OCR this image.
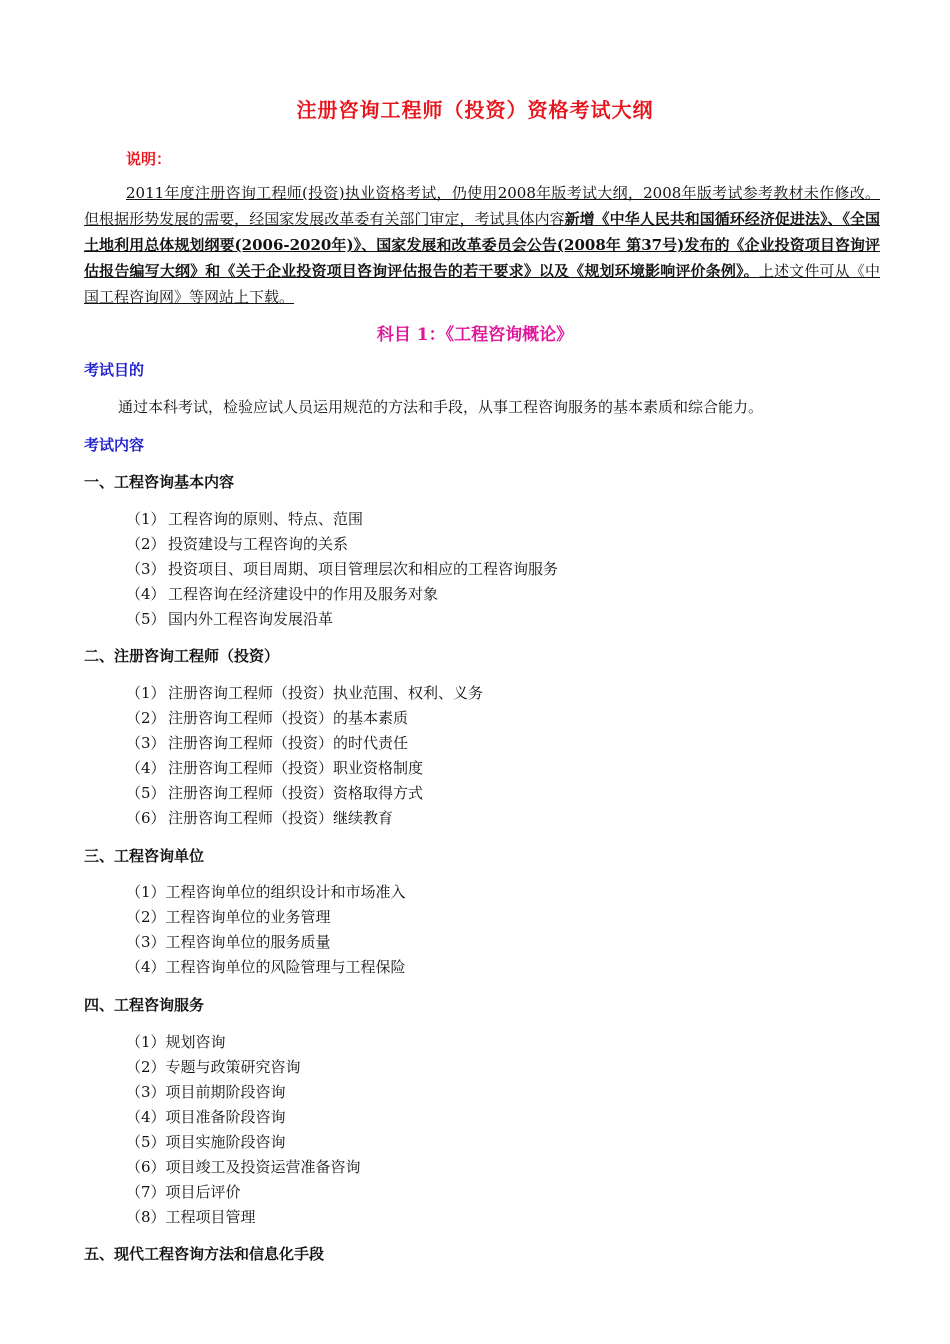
注册咨询工程师（投资）资格考试大纲
说明：
2011年度注册咨询工程师(投资)执业资格考试，仍使用2008年版考试大纲，2008年版考试参考教材未作修改。但根据形势发展的需要，经国家发展改革委有关部门审定，考试具体内容新增《中华人民共和国循环经济促进法》、《全国土地利用总体规划纲要(2006-2020年)》、国家发展和改革委员会公告(2008年 第37号)发布的《企业投资项目咨询评估报告编写大纲》和《关于企业投资项目咨询评估报告的若干要求》以及《规划环境影响评价条例》。上述文件可从《中国工程咨询网》等网站上下载。
科目 1：《工程咨询概论》
考试目的
通过本科考试，检验应试人员运用规范的方法和手段，从事工程咨询服务的基本素质和综合能力。
考试内容
一、工程咨询基本内容
（1） 工程咨询的原则、特点、范围
（2） 投资建设与工程咨询的关系
（3） 投资项目、项目周期、项目管理层次和相应的工程咨询服务
（4） 工程咨询在经济建设中的作用及服务对象
（5） 国内外工程咨询发展沿革
二、注册咨询工程师（投资）
（1） 注册咨询工程师（投资）执业范围、权利、义务
（2） 注册咨询工程师（投资）的基本素质
（3） 注册咨询工程师（投资）的时代责任
（4） 注册咨询工程师（投资）职业资格制度
（5） 注册咨询工程师（投资）资格取得方式
（6） 注册咨询工程师（投资）继续教育
三、工程咨询单位
（1）工程咨询单位的组织设计和市场准入
（2）工程咨询单位的业务管理
（3）工程咨询单位的服务质量
（4）工程咨询单位的风险管理与工程保险
四、工程咨询服务
（1）规划咨询
（2）专题与政策研究咨询
（3）项目前期阶段咨询
（4）项目准备阶段咨询
（5）项目实施阶段咨询
（6）项目竣工及投资运营准备咨询
（7）项目后评价
（8）工程项目管理
五、现代工程咨询方法和信息化手段
